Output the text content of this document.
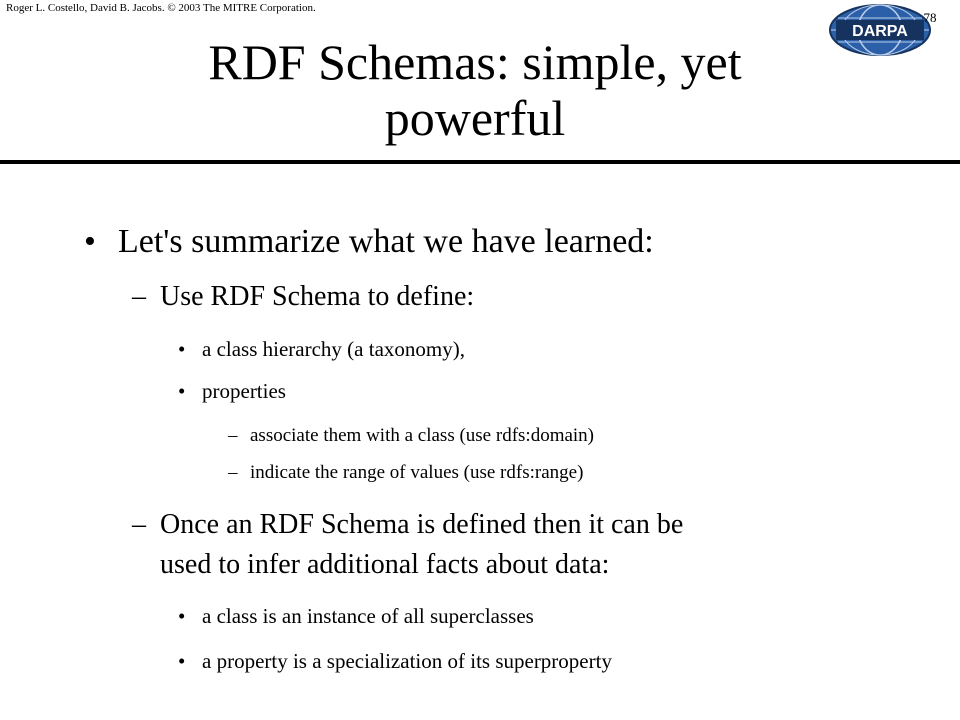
Roger L. Costello, David B. Jacobs. © 2003 The MITRE Corporation.
DARPA
78
RDF Schemas: simple, yet
powerful
• Let's summarize what we have learned:
– Use RDF Schema to define:
• a class hierarchy (a taxonomy),
• properties
– associate them with a class (use rdfs:domain)
– indicate the range of values (use rdfs:range)
– Once an RDF Schema is defined then it can be
used to infer additional facts about data:
• a class is an instance of all superclasses
• a property is a specialization of its superproperty
